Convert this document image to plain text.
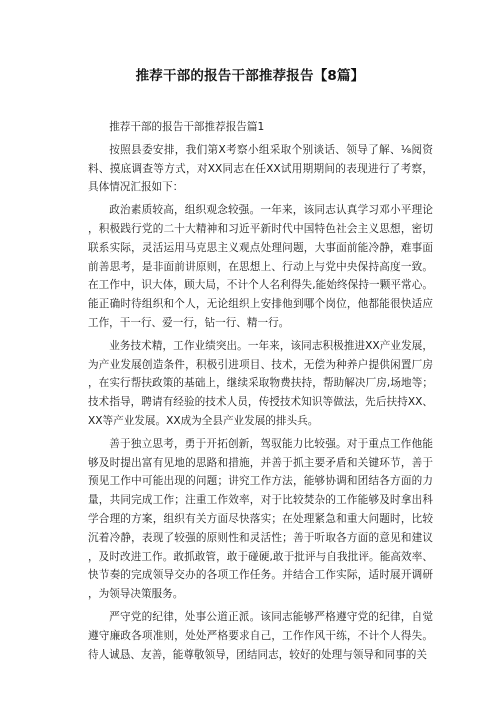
推荐干部的报告干部推荐报告【8篇】

推荐干部的报告干部推荐报告篇1

按照县委安排，我们第X考察小组采取个别谈话、领导了解、⅛阅资料、摸底调查等方式，对XX同志在任XX试用期期间的表现进行了考察，具体情况汇报如下：

政治素质较高，组织观念较强。一年来，该同志认真学习邓小平理论，积极践行党的二十大精神和习近平新时代中国特色社会主义思想，密切联系实际，灵活运用马克思主义观点处理问题，大事面前能冷静，难事面前善思考，是非面前讲原则，在思想上、行动上与党中央保持高度一致。在工作中，识大体，顾大局，不计个人名利得失,能始终保持一颗平常心。能正确时待组织和个人，无论组织上安排他到哪个岗位，他都能很快适应工作，干一行、爱一行，钻一行、精一行。

业务技术精，工作业绩突出。一年来，该同志积极推进XX产业发展，为产业发展创造条件，积极引进项目、技术，无偿为种养户提供闲置厂房，在实行帮扶政策的基础上，继续采取物费扶持，帮助解决厂房,场地等；技术指导，聘请有经验的技术人员，传授技术知识等做法，先后扶持XX、XX等产业发展。XX成为全县产业发展的排头兵。

善于独立思考，勇于开拓创新，驾驭能力比较强。对于重点工作他能够及时提出富有见地的思路和措施，并善于抓主要矛盾和关键环节，善于预见工作中可能出现的问题；讲究工作方法，能够协调和团结各方面的力量，共同完成工作；注重工作效率，对于比较焚杂的工作能够及时拿出科学合理的方案，组织有关方面尽快落实；在处理紧急和重大问题时，比较沉着冷静，表现了较强的原则性和灵活性；善于听取各方面的意见和建议，及时改进工作。敢抓敢管，敢于碰硬,敢于批评与自我批评。能高效率、快节奏的完成领导交办的各项工作任务。并结合工作实际，适时展开调研，为领导决策服务。

严守党的纪律，处事公道正派。该同志能够严格遵守党的纪律，自觉遵守廉政各项准则，处处严格要求自己，工作作风干练，不计个人得失。待人诚恳、友善，能尊敬领导，团结同志，较好的处理与领导和同事的关
